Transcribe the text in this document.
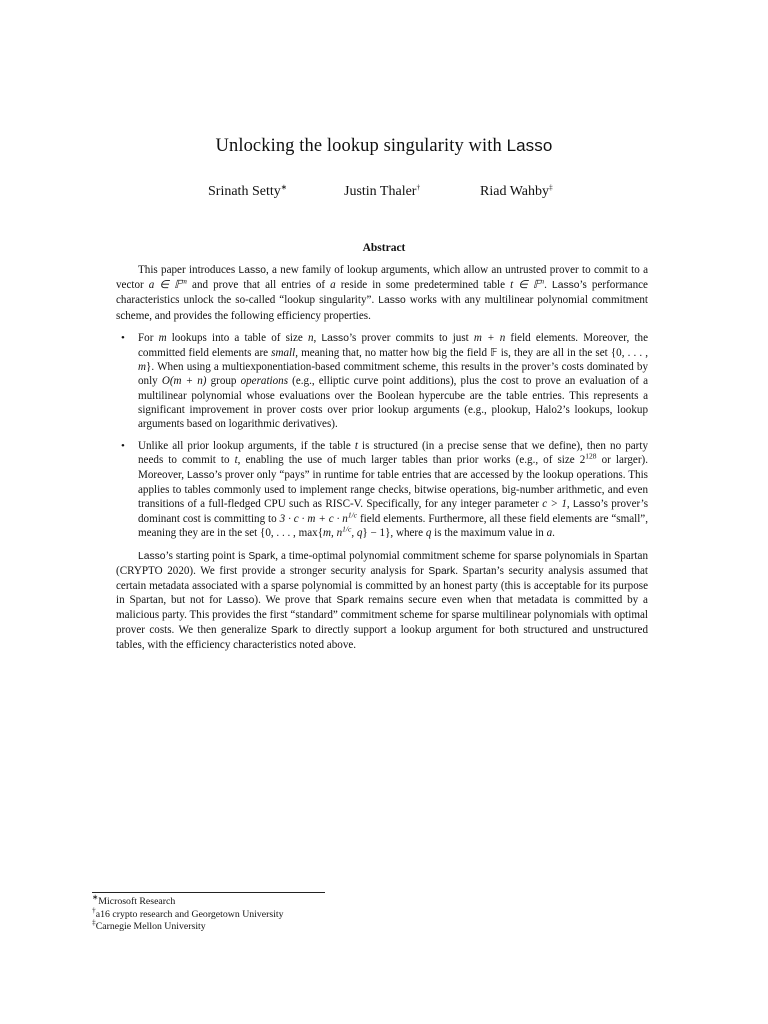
Unlocking the lookup singularity with Lasso
Srinath Setty∗	Justin Thaler†	Riad Wahby‡
Abstract

This paper introduces Lasso, a new family of lookup arguments, which allow an untrusted prover to commit to a vector a ∈ 𝔽$^m$ and prove that all entries of a reside in some predetermined table t ∈ 𝔽$^n$. Lasso’s performance characteristics unlock the so-called “lookup singularity”. Lasso works with any multilinear polynomial commitment scheme, and provides the following efficiency properties.

• For m lookups into a table of size n, Lasso’s prover commits to just m + n field elements. Moreover, the committed field elements are small, meaning that, no matter how big the field 𝔽 is, they are all in the set {0, . . . , m}. When using a multiexponentiation-based commitment scheme, this results in the prover’s costs dominated by only O(m + n) group operations (e.g., elliptic curve point additions), plus the cost to prove an evaluation of a multilinear polynomial whose evaluations over the Boolean hypercube are the table entries. This represents a significant improvement in prover costs over prior lookup arguments (e.g., plookup, Halo2’s lookups, lookup arguments based on logarithmic derivatives).
• Unlike all prior lookup arguments, if the table t is structured (in a precise sense that we define), then no party needs to commit to t, enabling the use of much larger tables than prior works (e.g., of size $2^{128}$ or larger). Moreover, Lasso’s prover only “pays” in runtime for table entries that are accessed by the lookup operations. This applies to tables commonly used to implement range checks, bitwise operations, big-number arithmetic, and even transitions of a full-fledged CPU such as RISC-V. Specifically, for any integer parameter c > 1, Lasso’s prover’s dominant cost is committing to $3 \cdot c \cdot m + c \cdot n^{1/c}$ field elements. Furthermore, all these field elements are “small”, meaning they are in the set {0, . . . , max{m, $n^{1/c}$, q} − 1}, where q is the maximum value in a.

Lasso’s starting point is Spark, a time-optimal polynomial commitment scheme for sparse polynomials in Spartan (CRYPTO 2020). We first provide a stronger security analysis for Spark. Spartan’s security analysis assumed that certain metadata associated with a sparse polynomial is committed by an honest party (this is acceptable for its purpose in Spartan, but not for Lasso). We prove that Spark remains secure even when that metadata is committed by a malicious party. This provides the first “standard” commitment scheme for sparse multilinear polynomials with optimal prover costs. We then generalize Spark to directly support a lookup argument for both structured and unstructured tables, with the efficiency characteristics noted above.

∗Microsoft Research
†a16 crypto research and Georgetown University
‡Carnegie Mellon University
